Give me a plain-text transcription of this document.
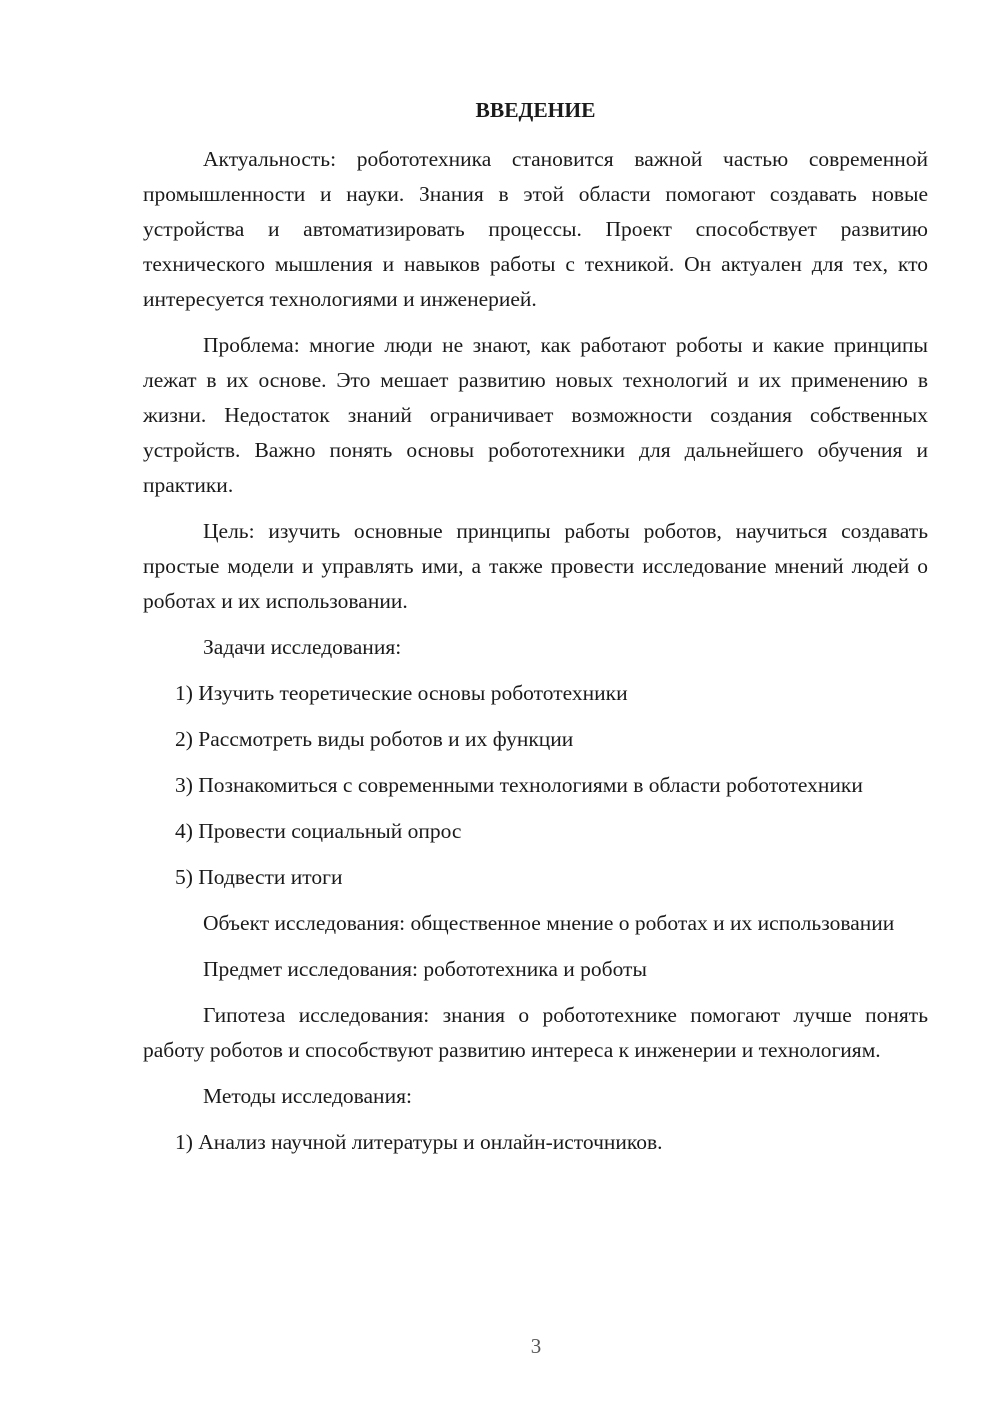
ВВЕДЕНИЕ
Актуальность: робототехника становится важной частью современной промышленности и науки. Знания в этой области помогают создавать новые устройства и автоматизировать процессы. Проект способствует развитию технического мышления и навыков работы с техникой. Он актуален для тех, кто интересуется технологиями и инженерией.
Проблема: многие люди не знают, как работают роботы и какие принципы лежат в их основе. Это мешает развитию новых технологий и их применению в жизни. Недостаток знаний ограничивает возможности создания собственных устройств. Важно понять основы робототехники для дальнейшего обучения и практики.
Цель: изучить основные принципы работы роботов, научиться создавать простые модели и управлять ими, а также провести исследование мнений людей о роботах и их использовании.
Задачи исследования:
1) Изучить теоретические основы робототехники
2) Рассмотреть виды роботов и их функции
3) Познакомиться с современными технологиями в области робототехники
4) Провести социальный опрос
5) Подвести итоги
Объект исследования: общественное мнение о роботах и их использовании
Предмет исследования: робототехника и роботы
Гипотеза исследования: знания о робототехнике помогают лучше понять работу роботов и способствуют развитию интереса к инженерии и технологиям.
Методы исследования:
1) Анализ научной литературы и онлайн-источников.
3
